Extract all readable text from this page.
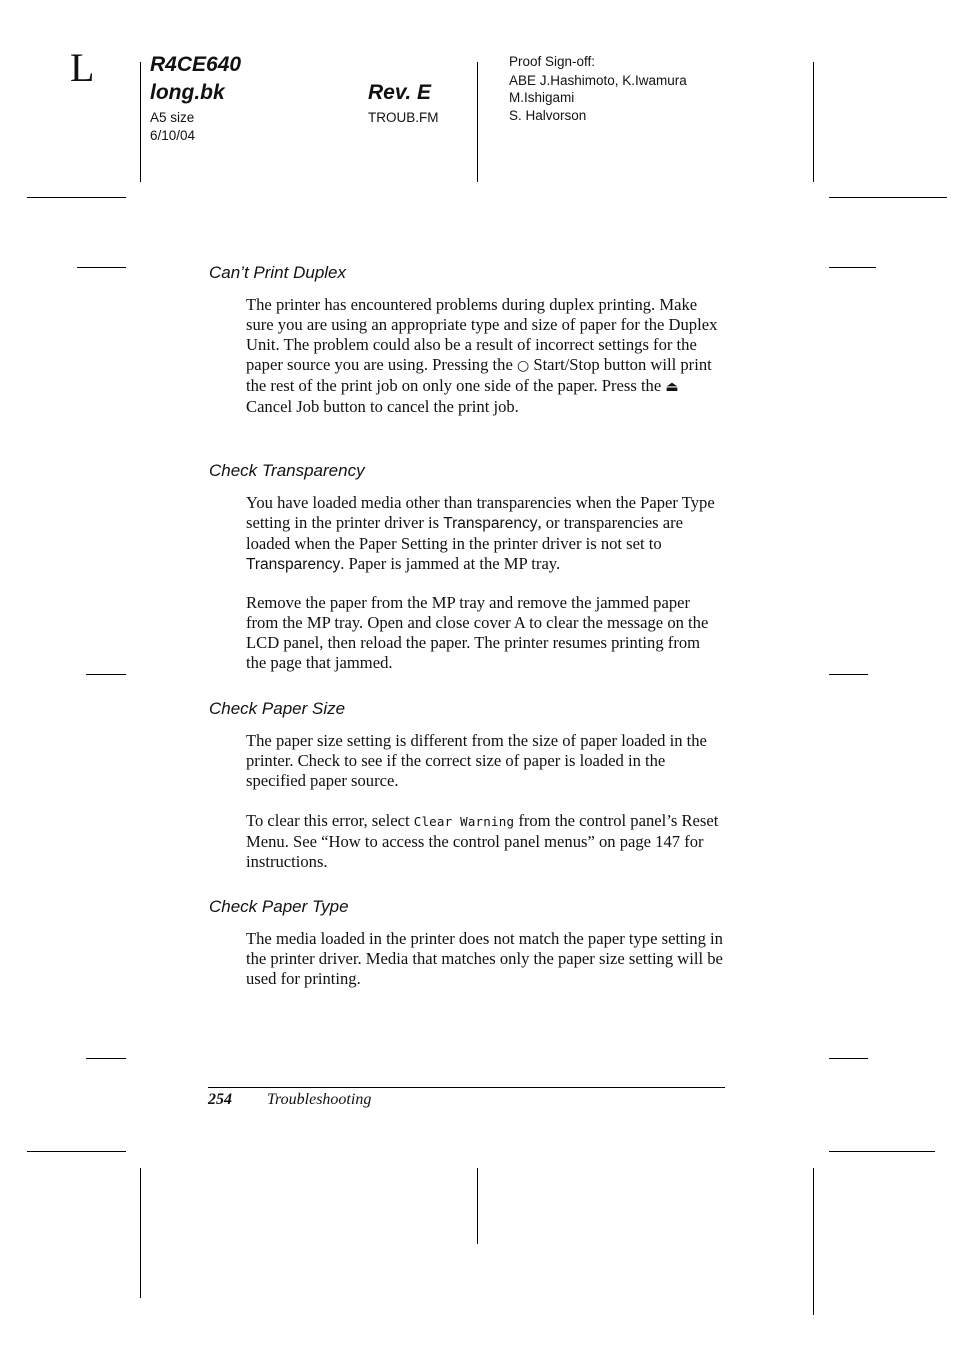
L	R4CE640
long.bk	Rev. E
A5 size
6/10/04
TROUB.FM
Proof Sign-off:
ABE J.Hashimoto, K.Iwamura
M.Ishigami
S. Halvorson
Can’t Print Duplex
The printer has encountered problems during duplex printing. Make sure you are using an appropriate type and size of paper for the Duplex Unit. The problem could also be a result of incorrect settings for the paper source you are using. Pressing the ○ Start/Stop button will print the rest of the print job on only one side of the paper. Press the ⏏ Cancel Job button to cancel the print job.
Check Transparency
You have loaded media other than transparencies when the Paper Type setting in the printer driver is Transparency, or transparencies are loaded when the Paper Setting in the printer driver is not set to Transparency. Paper is jammed at the MP tray.
Remove the paper from the MP tray and remove the jammed paper from the MP tray. Open and close cover A to clear the message on the LCD panel, then reload the paper. The printer resumes printing from the page that jammed.
Check Paper Size
The paper size setting is different from the size of paper loaded in the printer. Check to see if the correct size of paper is loaded in the specified paper source.
To clear this error, select Clear Warning from the control panel’s Reset Menu. See “How to access the control panel menus” on page 147 for instructions.
Check Paper Type
The media loaded in the printer does not match the paper type setting in the printer driver. Media that matches only the paper size setting will be used for printing.
254 Troubleshooting
